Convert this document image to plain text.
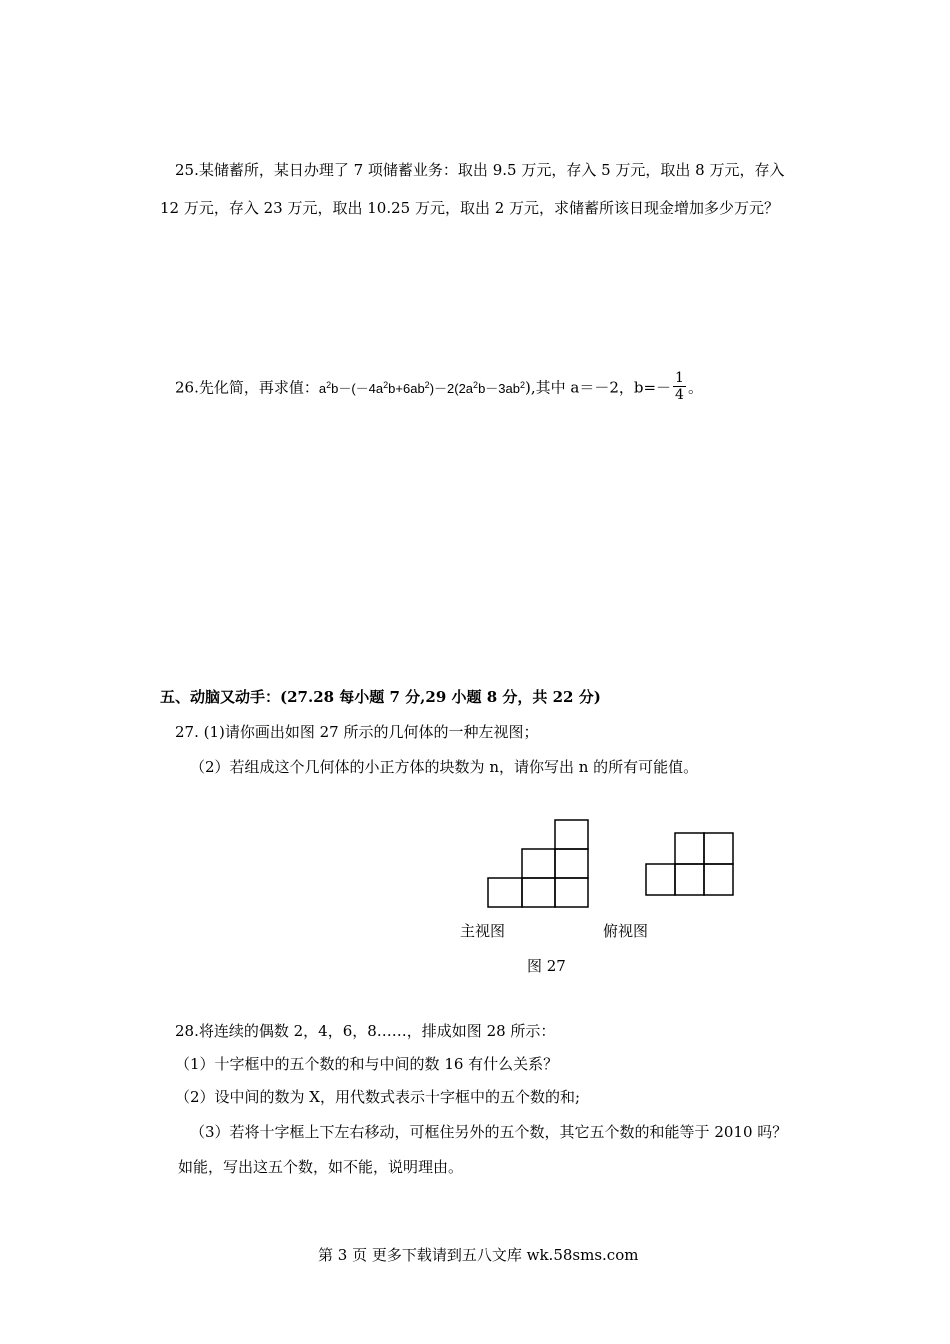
25.某储蓄所，某日办理了 7 项储蓄业务：取出 9.5 万元，存入 5 万元，取出 8 万元，存入
12 万元，存入 23 万元，取出 10.25 万元，取出 2 万元，求储蓄所该日现金增加多少万元？
26.先化简，再求值：$a^2b-(-4a^2b+6ab^2)-2(2a^2b-3ab^2)$,其中 a＝－2，$b=- \frac{1}{4}$ 。
五、动脑又动手：(27.28 每小题 7 分,29 小题 8 分，共 22 分)
27. (1)请你画出如图 27 所示的几何体的一种左视图；
（2）若组成这个几何体的小正方体的块数为 n，请你写出 n 的所有可能值。
主视图	俯视图
图 27
28.将连续的偶数 2，4，6，8……，排成如图 28 所示：
（1）十字框中的五个数的和与中间的数 16 有什么关系？
（2）设中间的数为 X，用代数式表示十字框中的五个数的和;
（3）若将十字框上下左右移动，可框住另外的五个数，其它五个数的和能等于 2010 吗？
如能，写出这五个数，如不能，说明理由。
第 3 页 更多下载请到五八文库 wk.58sms.com
